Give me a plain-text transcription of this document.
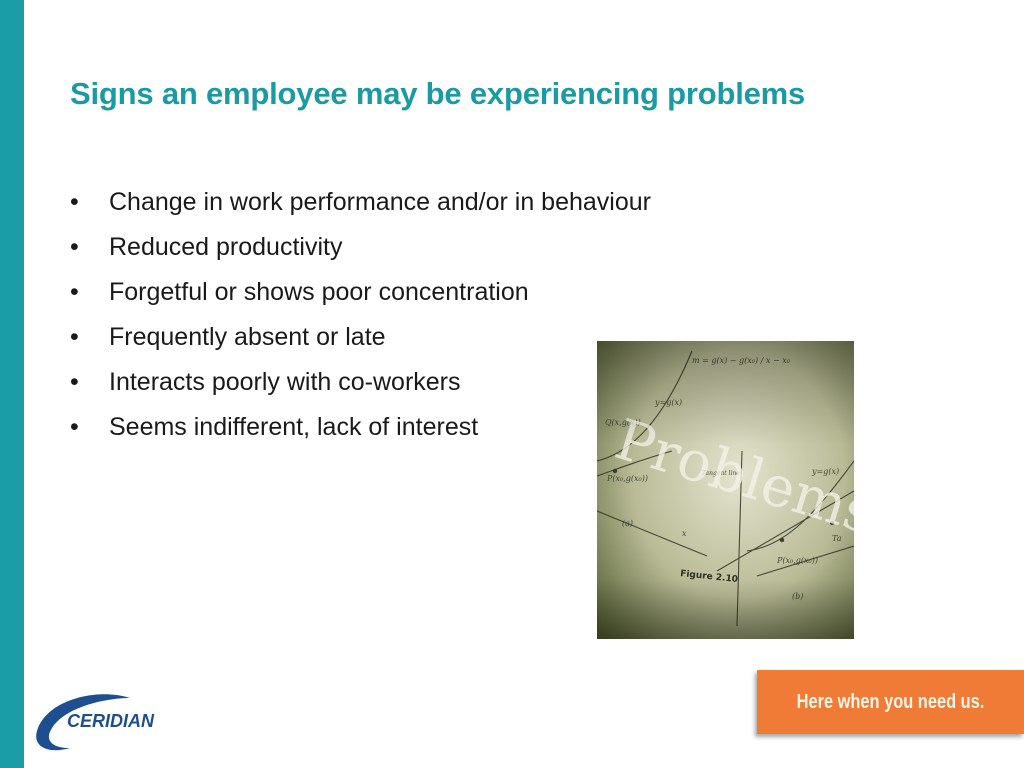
Signs an employee may be experiencing problems
•	Change in work performance and/or in behaviour
•	Reduced productivity
•	Forgetful or shows poor concentration
•	Frequently absent or late
•	Interacts poorly with co-workers
•	Seems indifferent, lack of interest
Here when you need us.
CERIDIAN
